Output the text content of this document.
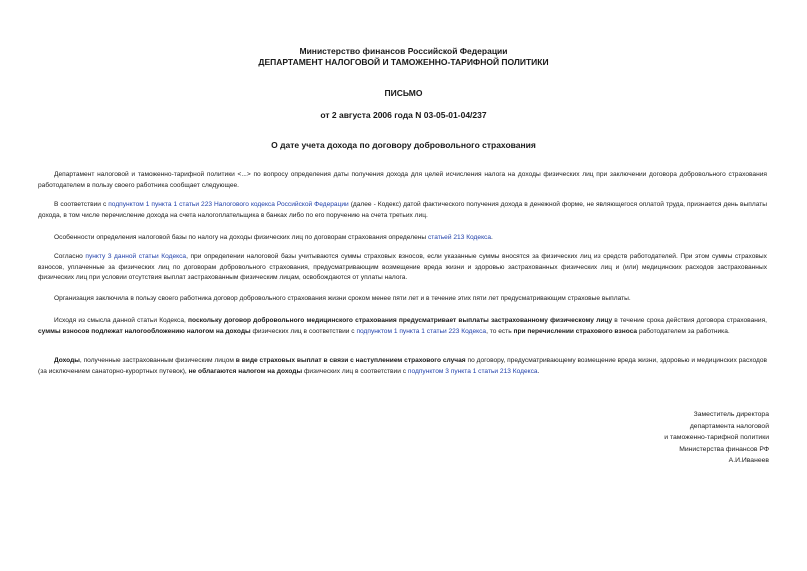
Министерство финансов Российской Федерации
ДЕПАРТАМЕНТ НАЛОГОВОЙ И ТАМОЖЕННО-ТАРИФНОЙ ПОЛИТИКИ
ПИСЬМО
от 2 августа 2006 года N 03-05-01-04/237
О дате учета дохода по договору добровольного страхования

Департамент налоговой и таможенно-тарифной политики <...> по вопросу определения даты получения дохода для целей исчисления налога на доходы физических лиц при заключении договора добровольного страхования работодателем в пользу своего работника сообщает следующее.

В соответствии с подпунктом 1 пункта 1 статьи 223 Налогового кодекса Российской Федерации (далее - Кодекс) датой фактического получения дохода в денежной форме, не являющегося оплатой труда, признается день выплаты дохода, в том числе перечисление дохода на счета налогоплательщика в банках либо по его поручению на счета третьих лиц.

Особенности определения налоговой базы по налогу на доходы физических лиц по договорам страхования определены статьей 213 Кодекса.

Согласно пункту 3 данной статьи Кодекса, при определении налоговой базы учитываются суммы страховых взносов, если указанные суммы вносятся за физических лиц из средств работодателей. При этом суммы страховых взносов, уплаченные за физических лиц по договорам добровольного страхования, предусматривающим возмещение вреда жизни и здоровью застрахованных физических лиц и (или) медицинских расходов застрахованных физических лиц при условии отсутствия выплат застрахованным физическим лицам, освобождаются от уплаты налога.

Организация заключила в пользу своего работника договор добровольного страхования жизни сроком менее пяти лет и в течение этих пяти лет предусматривающим страховые выплаты.

Исходя из смысла данной статьи Кодекса, поскольку договор добровольного медицинского страхования предусматривает выплаты застрахованному физическому лицу в течение срока действия договора страхования, суммы взносов подлежат налогообложению налогом на доходы физических лиц в соответствии с подпунктом 1 пункта 1 статьи 223 Кодекса, то есть при перечислении страхового взноса работодателем за работника.

Доходы, полученные застрахованным физическим лицом в виде страховых выплат в связи с наступлением страхового случая по договору, предусматривающему возмещение вреда жизни, здоровью и медицинских расходов (за исключением санаторно-курортных путевок), не облагаются налогом на доходы физических лиц в соответствии с подпунктом 3 пункта 1 статьи 213 Кодекса.

Заместитель директора
департамента налоговой
и таможенно-тарифной политики
Министерства финансов РФ
А.И.Иванеев
